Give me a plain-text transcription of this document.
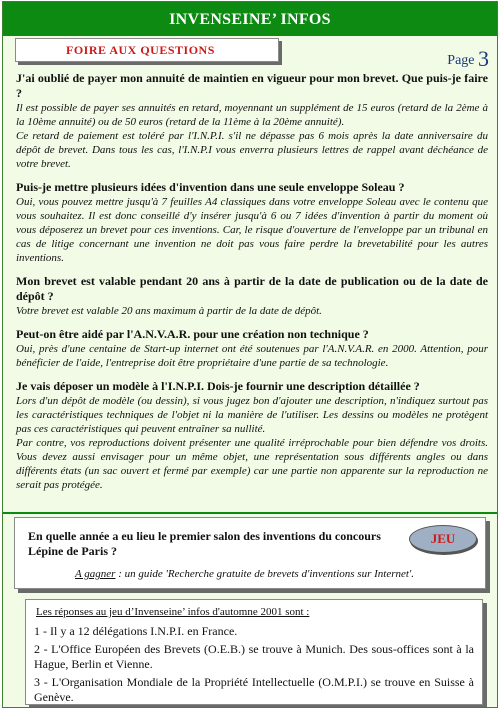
INVENSEINE’ INFOS
FOIRE AUX QUESTIONS
Page 3

J'ai oublié de payer mon annuité de maintien en vigueur pour mon brevet. Que puis-je faire ?

Il est possible de payer ses annuités en retard, moyennant un supplément de 15 euros (retard de la 2ème à la 10ème annuité) ou de 50 euros (retard de la 11ème à la 20ème annuité).

Ce retard de paiement est toléré par l'I.N.P.I. s'il ne dépasse pas 6 mois après la date anniversaire du dépôt de brevet. Dans tous les cas, l'I.N.P.I vous enverra plusieurs lettres de rappel avant déchéance de votre brevet.

Puis-je mettre plusieurs idées d'invention dans une seule enveloppe Soleau ?

Oui, vous pouvez mettre jusqu'à 7 feuilles A4 classiques dans votre enveloppe Soleau avec le contenu que vous souhaitez. Il est donc conseillé d'y insérer jusqu'à 6 ou 7 idées d'invention à partir du moment où vous déposerez un brevet pour ces inventions. Car, le risque d'ouverture de l'enveloppe par un tribunal en cas de litige concernant une invention ne doit pas vous faire perdre la brevetabilité pour les autres inventions.

Mon brevet est valable pendant 20 ans à partir de la date de publication ou de la date de dépôt ?

Votre brevet est valable 20 ans maximum à partir de la date de dépôt.

Peut-on être aidé par l'A.N.V.A.R. pour une création non technique ?

Oui, près d'une centaine de Start-up internet ont été soutenues par l'A.N.V.A.R. en 2000. Attention, pour bénéficier de l'aide, l'entreprise doit être propriétaire d'une partie de sa technologie.

Je vais déposer un modèle à l'I.N.P.I. Dois-je fournir une description détaillée ?

Lors d'un dépôt de modèle (ou dessin), si vous jugez bon d'ajouter une description, n'indiquez surtout pas les caractéristiques techniques de l'objet ni la manière de l'utiliser. Les dessins ou modèles ne protègent pas ces caractéristiques qui peuvent entraîner sa nullité.

Par contre, vos reproductions doivent présenter une qualité irréprochable pour bien défendre vos droits. Vous devez aussi envisager pour un même objet, une représentation sous différents angles ou dans différents états (un sac ouvert et fermé par exemple) car une partie non apparente sur la reproduction ne serait pas protégée.

En quelle année a eu lieu le premier salon des inventions du concours Lépine de Paris ?
JEU
A gagner : un guide 'Recherche gratuite de brevets d'inventions sur Internet'.
Les réponses au jeu d’Invenseine’ infos d'automne 2001 sont :

1 - Il y a 12 délégations I.N.P.I. en France.

2 - L'Office Européen des Brevets (O.E.B.) se trouve à Munich. Des sous-offices sont à la Hague, Berlin et Vienne.

3 - L'Organisation Mondiale de la Propriété Intellectuelle (O.M.P.I.) se trouve en Suisse à Genève.
